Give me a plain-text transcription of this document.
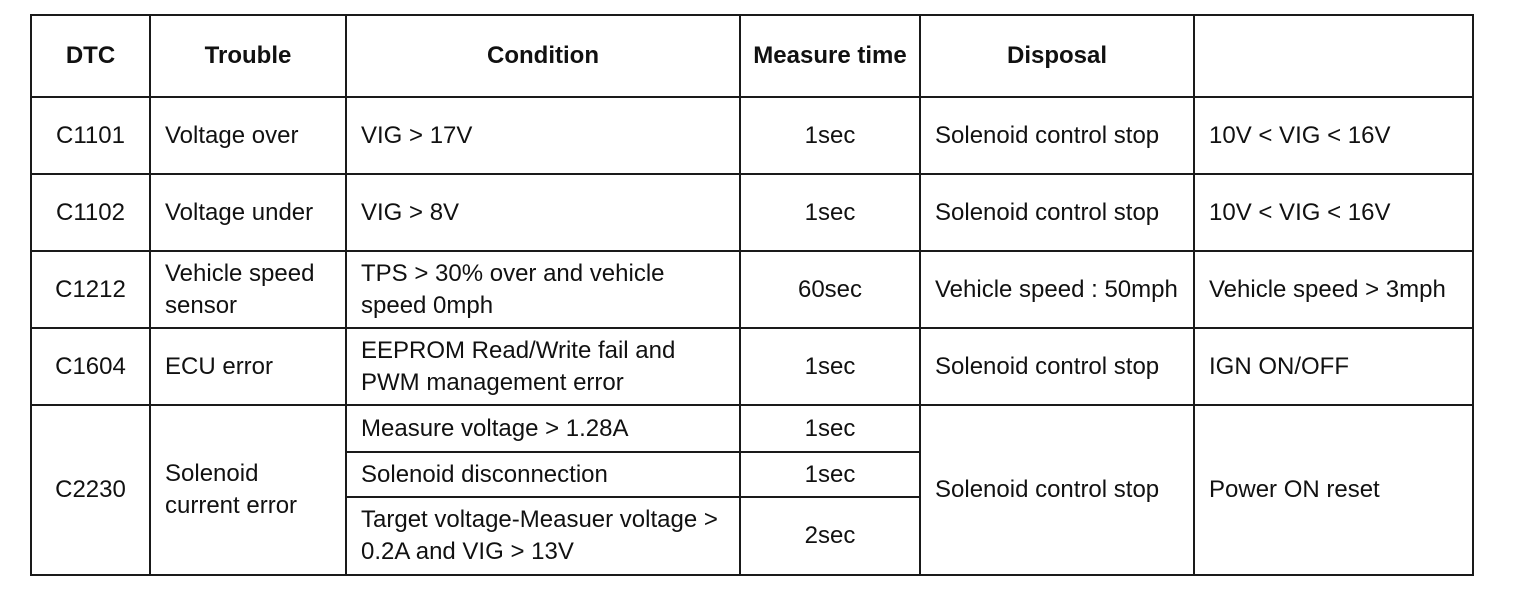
DTC	Trouble	Condition	Measure time	Disposal	
C1101	Voltage over	VIG > 17V	1sec	Solenoid control stop	10V < VIG < 16V
C1102	Voltage under	VIG > 8V	1sec	Solenoid control stop	10V < VIG < 16V
C1212	Vehicle speed sensor	TPS > 30% over and vehicle speed 0mph	60sec	Vehicle speed : 50mph	Vehicle speed > 3mph
C1604	ECU error	EEPROM Read/Write fail and PWM management error	1sec	Solenoid control stop	IGN ON/OFF
C2230	Solenoid current error	Measure voltage > 1.28A	1sec	Solenoid control stop	Power ON reset
		Solenoid disconnection	1sec		
		Target voltage-Measuer voltage > 0.2A and VIG > 13V	2sec		
